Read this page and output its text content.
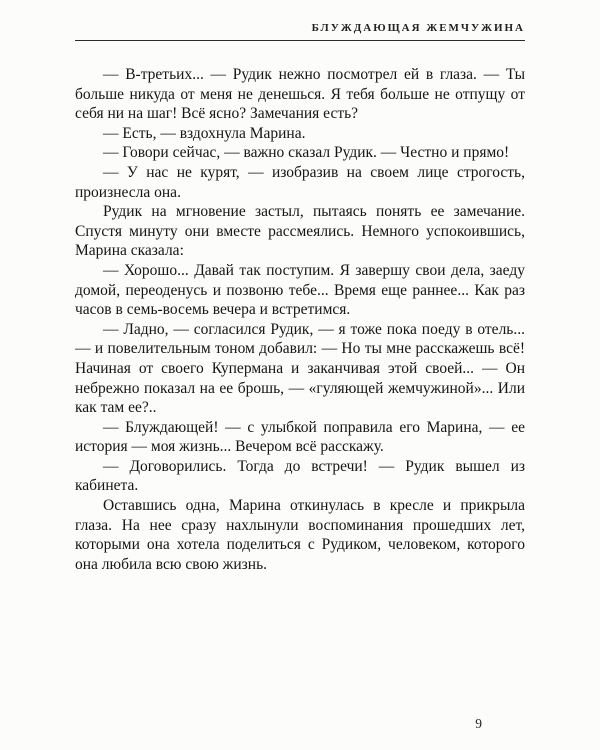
БЛУЖДАЮЩАЯ ЖЕМЧУЖИНА

— В-третьих... — Рудик нежно посмотрел ей в глаза. — Ты больше никуда от меня не денешься. Я тебя больше не отпущу от себя ни на шаг! Всё ясно? Замечания есть?

— Есть, — вздохнула Марина.

— Говори сейчас, — важно сказал Рудик. — Честно и прямо!

— У нас не курят, — изобразив на своем лице строгость, произнесла она.

Рудик на мгновение застыл, пытаясь понять ее замечание. Спустя минуту они вместе рассмеялись. Немного успокоившись, Марина сказала:

— Хорошо... Давай так поступим. Я завершу свои дела, заеду домой, переоденусь и позвоню тебе... Время еще раннее... Как раз часов в семь-восемь вечера и встретимся.

— Ладно, — согласился Рудик, — я тоже пока поеду в отель... — и повелительным тоном добавил: — Но ты мне расскажешь всё! Начиная от своего Купермана и заканчивая этой своей... — Он небрежно показал на ее брошь, — «гуляющей жемчужиной»... Или как там ее?..

— Блуждающей! — с улыбкой поправила его Марина, — ее история — моя жизнь... Вечером всё расскажу.

— Договорились. Тогда до встречи! — Рудик вышел из кабинета.

Оставшись одна, Марина откинулась в кресле и прикрыла глаза. На нее сразу нахлынули воспоминания прошедших лет, которыми она хотела поделиться с Рудиком, человеком, которого она любила всю свою жизнь.

9
